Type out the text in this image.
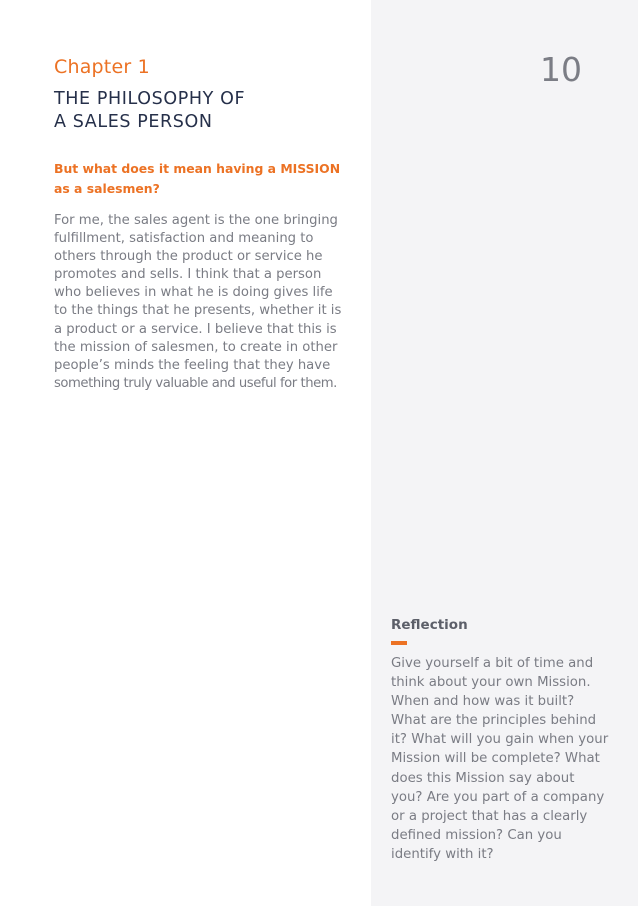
Chapter 1
THE PHILOSOPHY OF
A SALES PERSON
But what does it mean having a MISSION
as a salesmen?
For me, the sales agent is the one bringing
fulfillment, satisfaction and meaning to
others through the product or service he
promotes and sells. I think that a person
who believes in what he is doing gives life
to the things that he presents, whether it is
a product or a service. I believe that this is
the mission of salesmen, to create in other
people’s minds the feeling that they have
something truly valuable and useful for them.
10
Reflection
Give yourself a bit of time and
think about your own Mission.
When and how was it built?
What are the principles behind
it? What will you gain when your
Mission will be complete? What
does this Mission say about
you? Are you part of a company
or a project that has a clearly
defined mission? Can you
identify with it?
